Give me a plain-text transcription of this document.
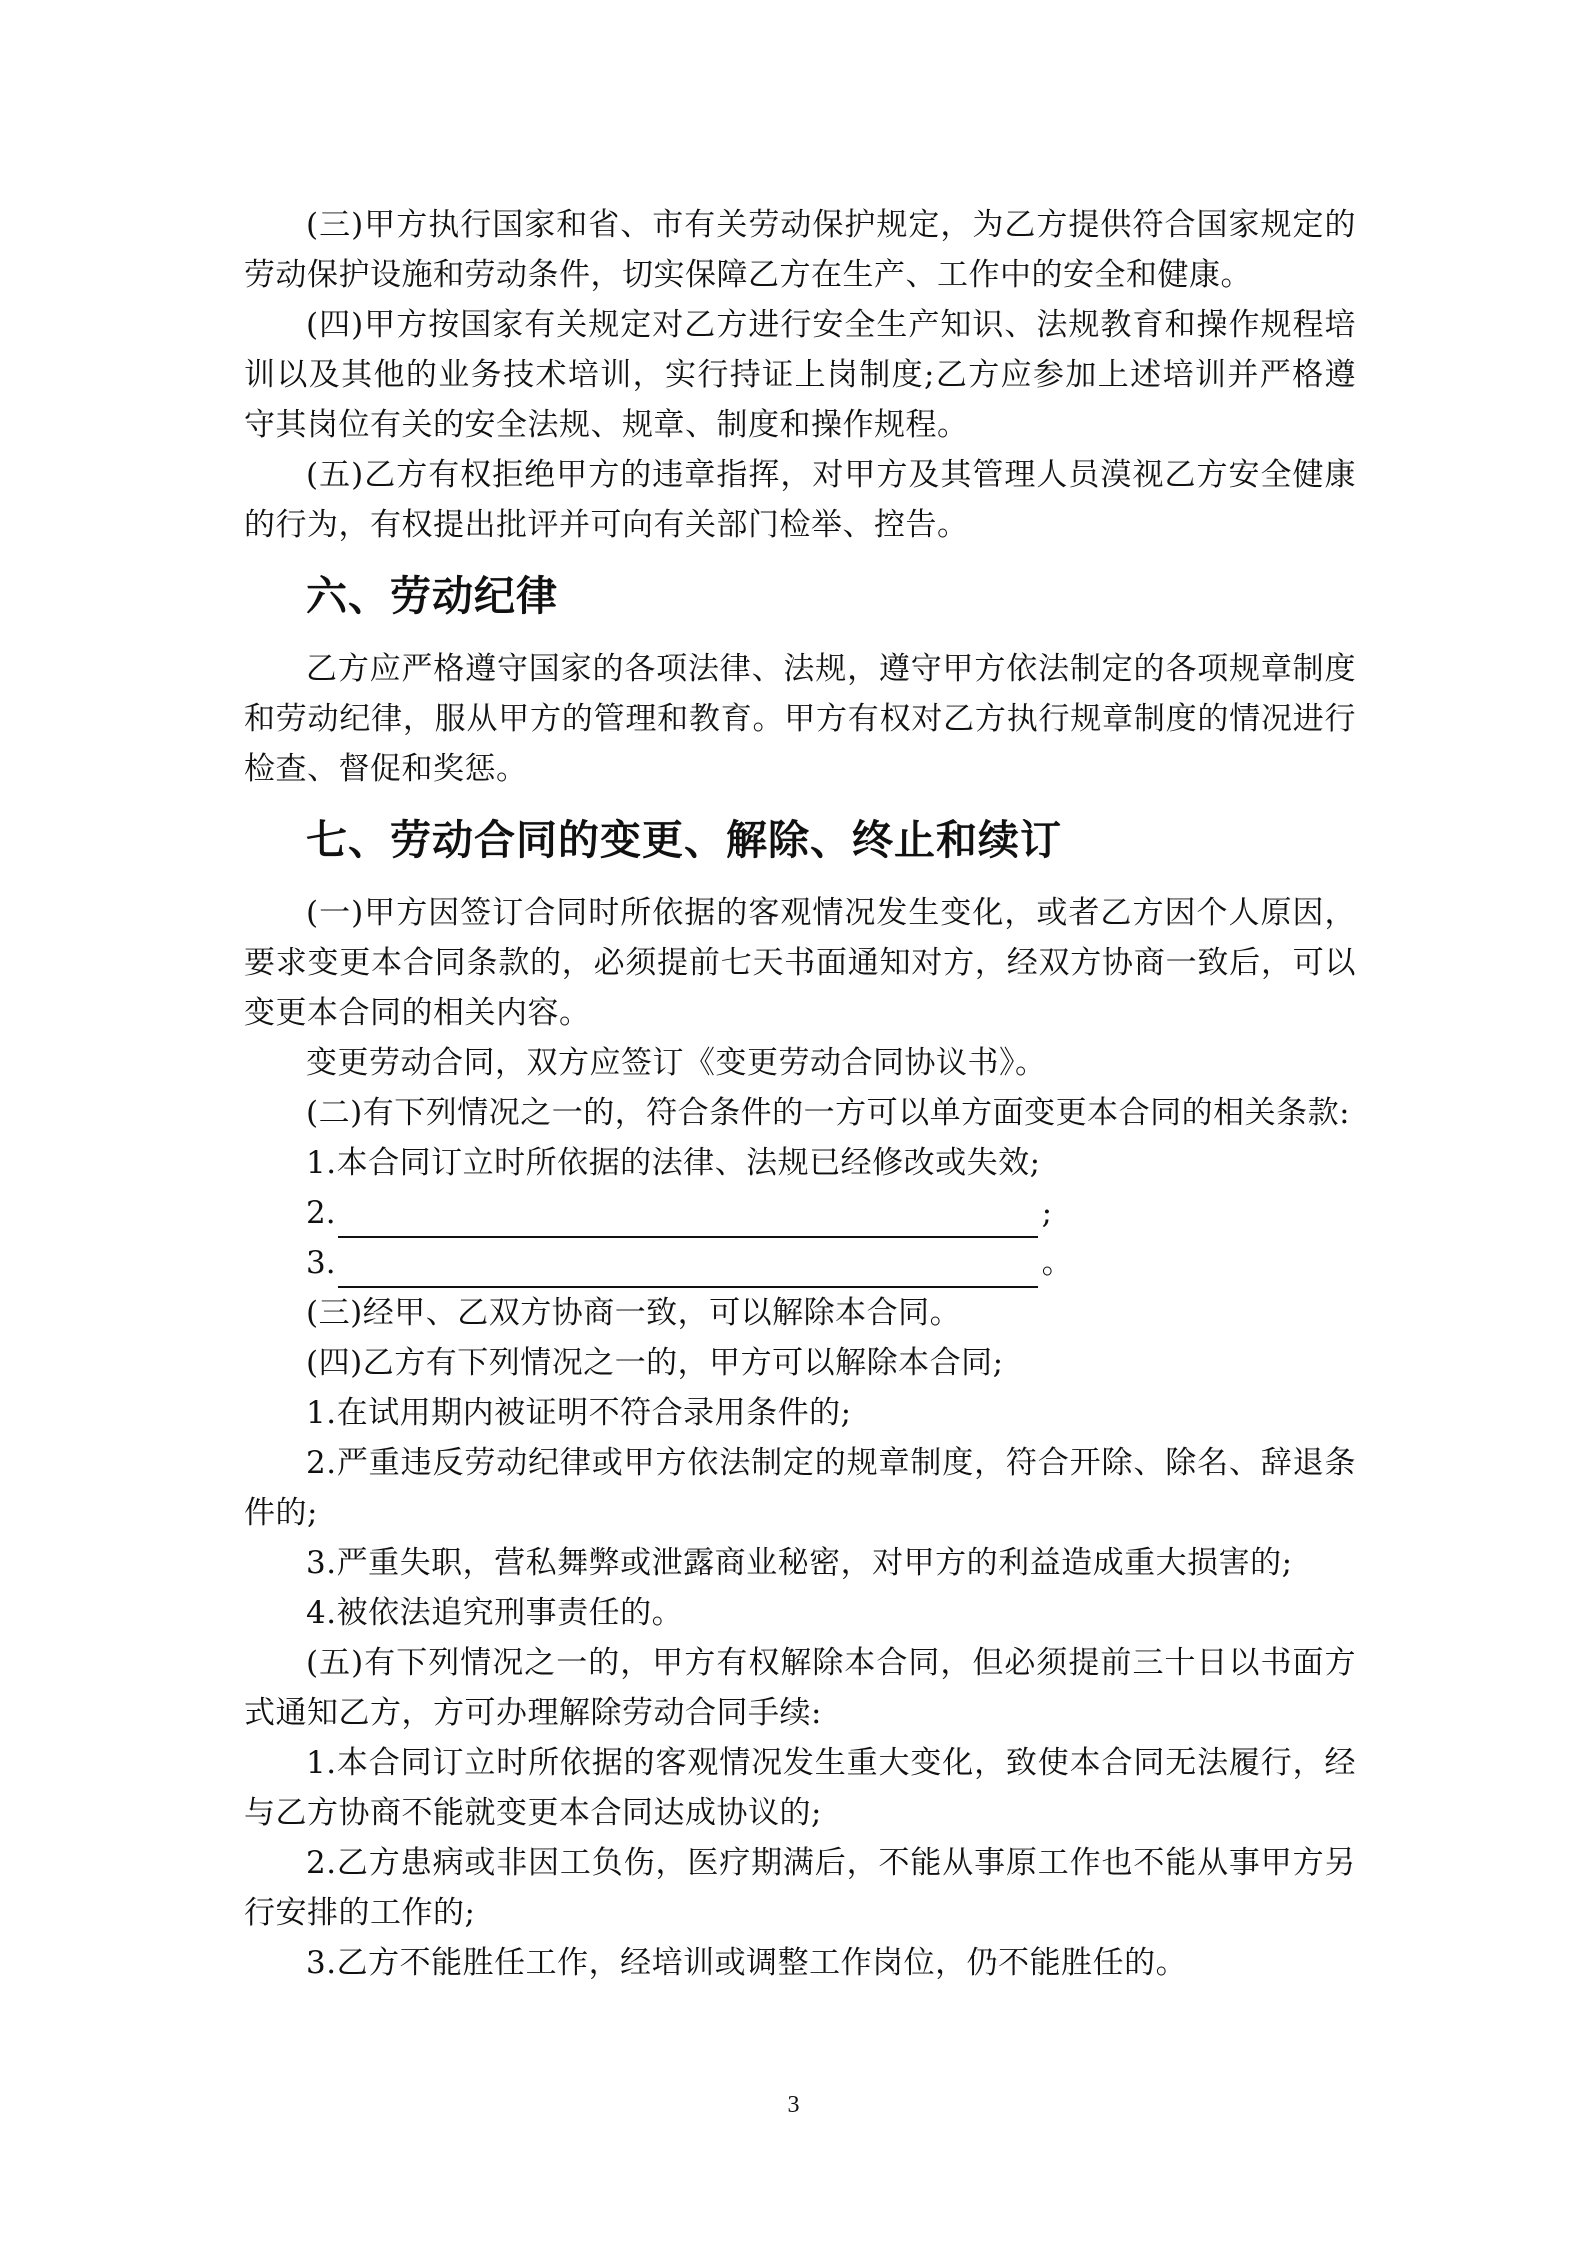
(三)甲方执行国家和省、市有关劳动保护规定，为乙方提供符合国家规定的劳动保护设施和劳动条件，切实保障乙方在生产、工作中的安全和健康。

(四)甲方按国家有关规定对乙方进行安全生产知识、法规教育和操作规程培训以及其他的业务技术培训，实行持证上岗制度;乙方应参加上述培训并严格遵守其岗位有关的安全法规、规章、制度和操作规程。

(五)乙方有权拒绝甲方的违章指挥，对甲方及其管理人员漠视乙方安全健康的行为，有权提出批评并可向有关部门检举、控告。

六、劳动纪律

乙方应严格遵守国家的各项法律、法规，遵守甲方依法制定的各项规章制度和劳动纪律，服从甲方的管理和教育。甲方有权对乙方执行规章制度的情况进行检查、督促和奖惩。

七、劳动合同的变更、解除、终止和续订

(一)甲方因签订合同时所依据的客观情况发生变化，或者乙方因个人原因，要求变更本合同条款的，必须提前七天书面通知对方，经双方协商一致后，可以变更本合同的相关内容。

变更劳动合同，双方应签订《变更劳动合同协议书》。

(二)有下列情况之一的，符合条件的一方可以单方面变更本合同的相关条款:

1.本合同订立时所依据的法律、法规已经修改或失效;

2.	;
3.	。

(三)经甲、乙双方协商一致，可以解除本合同。

(四)乙方有下列情况之一的，甲方可以解除本合同;

1.在试用期内被证明不符合录用条件的;

2.严重违反劳动纪律或甲方依法制定的规章制度，符合开除、除名、辞退条件的;

3.严重失职，营私舞弊或泄露商业秘密，对甲方的利益造成重大损害的;

4.被依法追究刑事责任的。

(五)有下列情况之一的，甲方有权解除本合同，但必须提前三十日以书面方式通知乙方，方可办理解除劳动合同手续:

1.本合同订立时所依据的客观情况发生重大变化，致使本合同无法履行，经与乙方协商不能就变更本合同达成协议的;

2.乙方患病或非因工负伤，医疗期满后，不能从事原工作也不能从事甲方另行安排的工作的;

3.乙方不能胜任工作，经培训或调整工作岗位，仍不能胜任的。

3
